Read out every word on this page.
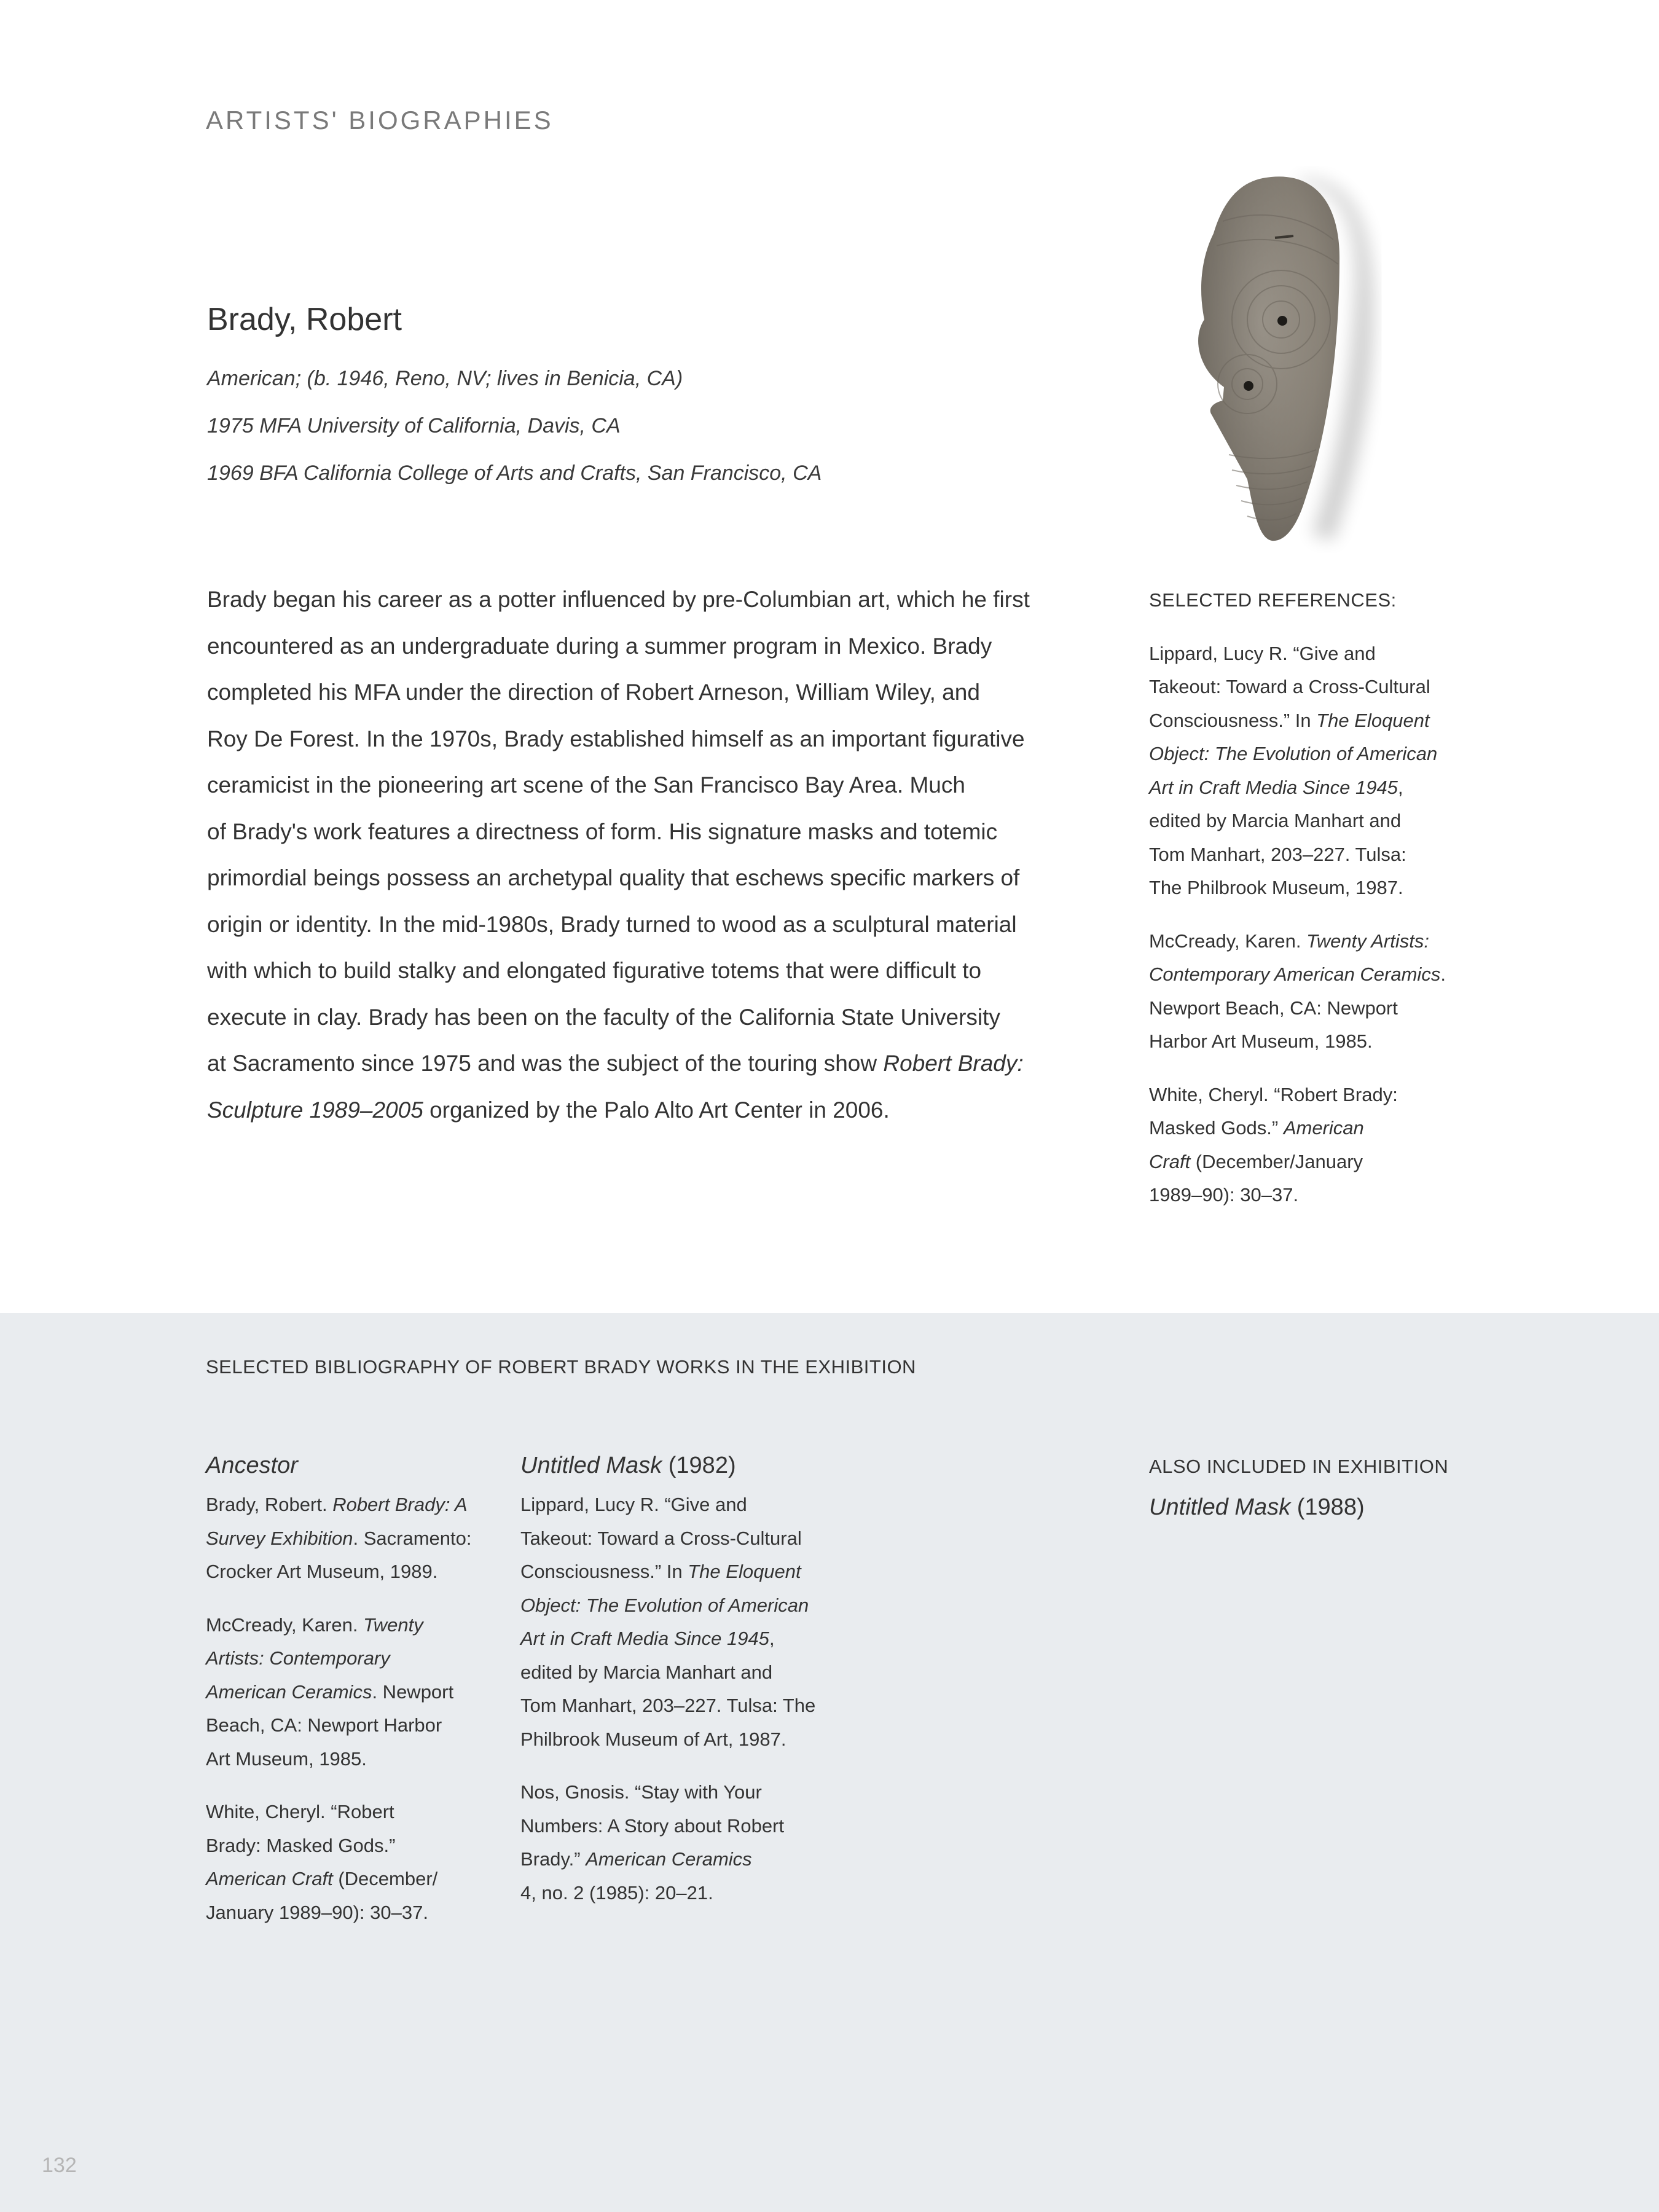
ARTISTS' BIOGRAPHIES
Brady, Robert
American; (b. 1946, Reno, NV; lives in Benicia, CA)
1975 MFA University of California, Davis, CA
1969 BFA California College of Arts and Crafts, San Francisco, CA
Brady began his career as a potter influenced by pre-Columbian art, which he first
encountered as an undergraduate during a summer program in Mexico. Brady
completed his MFA under the direction of Robert Arneson, William Wiley, and
Roy De Forest. In the 1970s, Brady established himself as an important figurative
ceramicist in the pioneering art scene of the San Francisco Bay Area. Much
of Brady's work features a directness of form. His signature masks and totemic
primordial beings possess an archetypal quality that eschews specific markers of
origin or identity. In the mid-1980s, Brady turned to wood as a sculptural material
with which to build stalky and elongated figurative totems that were difficult to
execute in clay. Brady has been on the faculty of the California State University
at Sacramento since 1975 and was the subject of the touring show Robert Brady:
Sculpture 1989–2005 organized by the Palo Alto Art Center in 2006.
SELECTED REFERENCES:
Lippard, Lucy R. “Give and
Takeout: Toward a Cross-Cultural
Consciousness.” In The Eloquent
Object: The Evolution of American
Art in Craft Media Since 1945,
edited by Marcia Manhart and
Tom Manhart, 203–227. Tulsa:
The Philbrook Museum, 1987.
McCready, Karen. Twenty Artists:
Contemporary American Ceramics.
Newport Beach, CA: Newport
Harbor Art Museum, 1985.
White, Cheryl. “Robert Brady:
Masked Gods.” American
Craft (December/January
1989–90): 30–37.
SELECTED BIBLIOGRAPHY OF ROBERT BRADY WORKS IN THE EXHIBITION
Ancestor
Brady, Robert. Robert Brady: A
Survey Exhibition. Sacramento:
Crocker Art Museum, 1989.
McCready, Karen. Twenty
Artists: Contemporary
American Ceramics. Newport
Beach, CA: Newport Harbor
Art Museum, 1985.
White, Cheryl. “Robert
Brady: Masked Gods.”
American Craft (December/
January 1989–90): 30–37.
Untitled Mask (1982)
Lippard, Lucy R. “Give and
Takeout: Toward a Cross-Cultural
Consciousness.” In The Eloquent
Object: The Evolution of American
Art in Craft Media Since 1945,
edited by Marcia Manhart and
Tom Manhart, 203–227. Tulsa: The
Philbrook Museum of Art, 1987.
Nos, Gnosis. “Stay with Your
Numbers: A Story about Robert
Brady.” American Ceramics
4, no. 2 (1985): 20–21.
ALSO INCLUDED IN EXHIBITION
Untitled Mask (1988)
132
